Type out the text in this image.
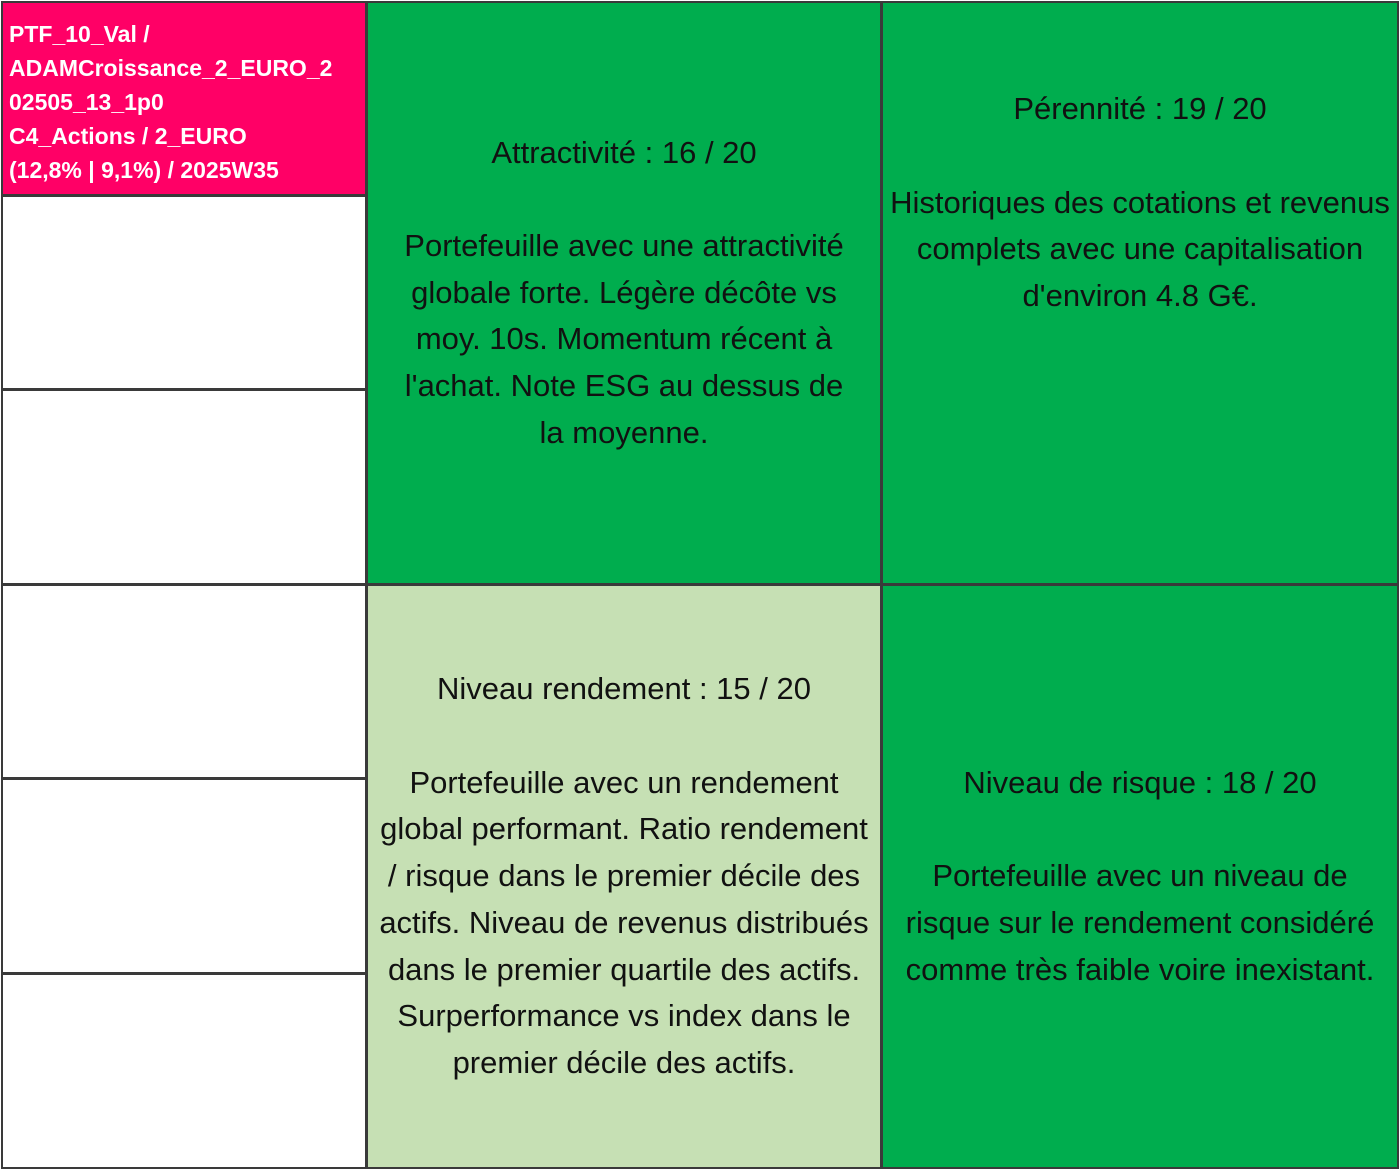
PTF_10_Val /
ADAMCroissance_2_EURO_2
02505_13_1p0
C4_Actions / 2_EURO
(12,8% | 9,1%) / 2025W35
Attractivité : 16 / 20
Portefeuille avec une attractivité globale forte. Légère décôte vs moy. 10s. Momentum récent à l'achat. Note ESG au dessus de la moyenne.
Pérennité : 19 / 20
Historiques des cotations et revenus complets avec une capitalisation d'environ 4.8 G€.
Niveau rendement : 15 / 20
Portefeuille avec un rendement global performant. Ratio rendement / risque dans le premier décile des actifs. Niveau de revenus distribués dans le premier quartile des actifs. Surperformance vs index dans le premier décile des actifs.
Niveau de risque : 18 / 20
Portefeuille avec un niveau de risque sur le rendement considéré comme très faible voire inexistant.
